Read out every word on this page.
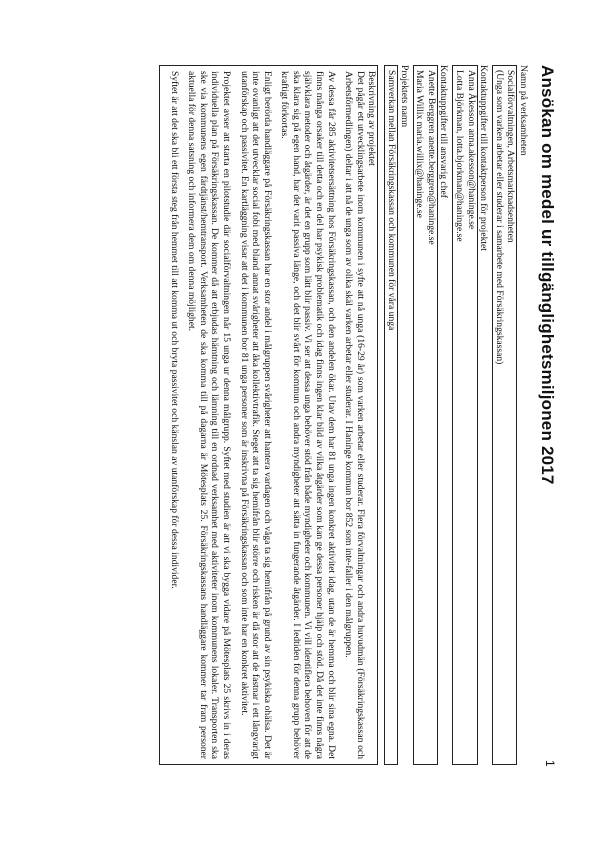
Ansökan om medel ur tillgänglighetsmiljonen 2017
1
Namn på verksamheten
Socialförvaltningen, Arbetsmarknadsenheten
(Unga som varken arbetar eller studerar i samarbete med Försäkringskassan)
Kontaktuppgifter till kontaktperson för projektet
Anna Åkesson anna.akesson@haninge.se
Lotta Björkman, lotta.bjorkman@haninge.se
Kontaktuppgifter till ansvarig chef
Anette Berggren anette.berggren@haninge.se
Maria Willix maria.willix@haninge.se
Projektets namn
Samverkan mellan Försäkringskassan och kommunen för våra unga
Beskrivning av projektet

Det pågår ett utvecklingsarbete inom kommunen i syfte att nå unga (16-29 år) som varken arbetar eller studerar. Flera förvaltningar och andra huvudmän (Försäkringskassan och Arbetsförmedlingen) deltar i att nå de unga som av olika skäl varken arbetar eller studerar. I Haninge kommun bor 852 som inte-faller i den målgruppen.

Av dessa får 285 aktivitetsersättning hos Försäkringskassan, och den andelen ökar. Utav dem har 81 unga ingen konkret aktivitet idag, utan de är hemma och blir sina egna. Det finns många orsaker till detta och en del har psykisk problematik och idag finns ingen klar bild av vilka åtgärder som kan ge dessa personer hjälp och stöd. Då det inte finns några självklara metoder och åtgärder, är det en grupp som lätt blir passiv. Vi ser att dessa unga behöver stöd från både myndigheter och kommunen. Vi vill identifiera behoven för att de ska klara sig på egen hand, har det varit passiva länge, och det blir svårt för kommun och andra myndigheter att sätta in fungerande åtgärder. I ledtiden för denna grupp behöver kraftigt förkortas.

Enligt berörda handläggare på Försäkringskassan har en stor andel i målgruppen svårigheter att hantera vardagen och våga ta sig hemifrån på grund av sin psykiska ohälsa. Det är inte ovanligt att det utvecklar social fobi med bland annat svårigheter att åka kollektivtrafik. Steget att ta sig hemifrån blir större och risken är då stor att de fastnar i ett långvarigt utanförskap och passivitet. En kartläggning visar att det i kommunen bor 81 unga personer som är inskrivna på Försäkringskassan och som inte har en konkret aktivitet.

Projektet avser att starta en pilotstudie där socialförvaltningen når 15 unga ur denna målgrupp. Syftet med studien är att vi ska bygga vidare på Mötesplats 25 skrivs in i deras individuella plan på Försäkringskassan. De kommer då att erbjudas hämtning och lämning till en ordnad verksamhet med aktiviteter inom kommunens lokaler. Transporten ska ske via kommunens egen färdtjänst/hemtransport. Verksamheten de ska komma till på dagarna är Mötesplats 25. Försäkringskassans handläggare kommer tar fram personer aktuella för denna satsning och informera dem om denna möjlighet.

Syftet är att det ska bli ett första steg från hemmet till att komma ut och bryta passivitet och känslan av utanförskap för dessa individer.
